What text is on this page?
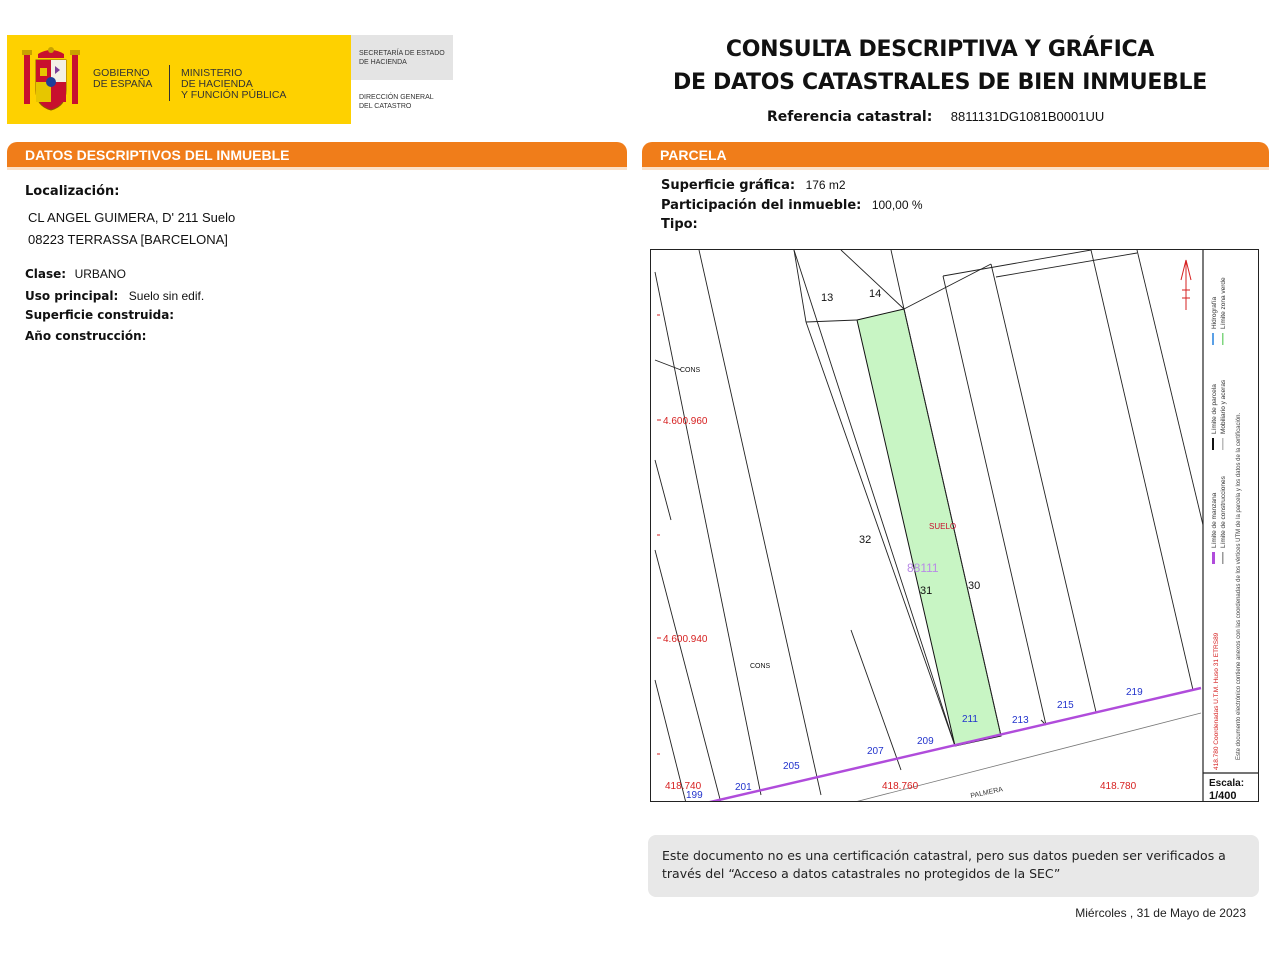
GOBIERNO
DE ESPAÑA
MINISTERIO
DE HACIENDA
Y FUNCIÓN PÚBLICA
SECRETARÍA DE ESTADO
DE HACIENDA
DIRECCIÓN GENERAL
DEL CATASTRO
CONSULTA DESCRIPTIVA Y GRÁFICA
DE DATOS CATASTRALES DE BIEN INMUEBLE
Referencia catastral: 8811131DG1081B0001UU
DATOS DESCRIPTIVOS DEL INMUEBLE
Localización:
CL ANGEL GUIMERA, D' 211 Suelo
08223 TERRASSA [BARCELONA]
Clase: URBANO
Uso principal: Suelo sin edif.
Superficie construida:
Año construcción:
PARCELA
Superficie gráfica: 176 m2
Participación del inmueble: 100,00 %
Tipo:
13	14
32
31	30
SUELO
88111
CONS
CONS
4.600.960
4.600.940
418.740	418.760	418.780
199
201
205
207
209
211	213
215
219
PALMERA
418.780 Coordenadas U.T.M. Huso 31 ETRS89
Límite de manzana
Límite de parcela
Hidrografía
Límite de construcciones
Mobiliario y aceras
Límite zona verde
Este documento electrónico contiene anexos con las coordenadas de los vértices UTM de la parcela y los datos de la certificación.
Escala:
1/400
Este documento no es una certificación catastral, pero sus datos pueden ser verificados a través del “Acceso a datos catastrales no protegidos de la SEC”
Miércoles , 31 de Mayo de 2023
